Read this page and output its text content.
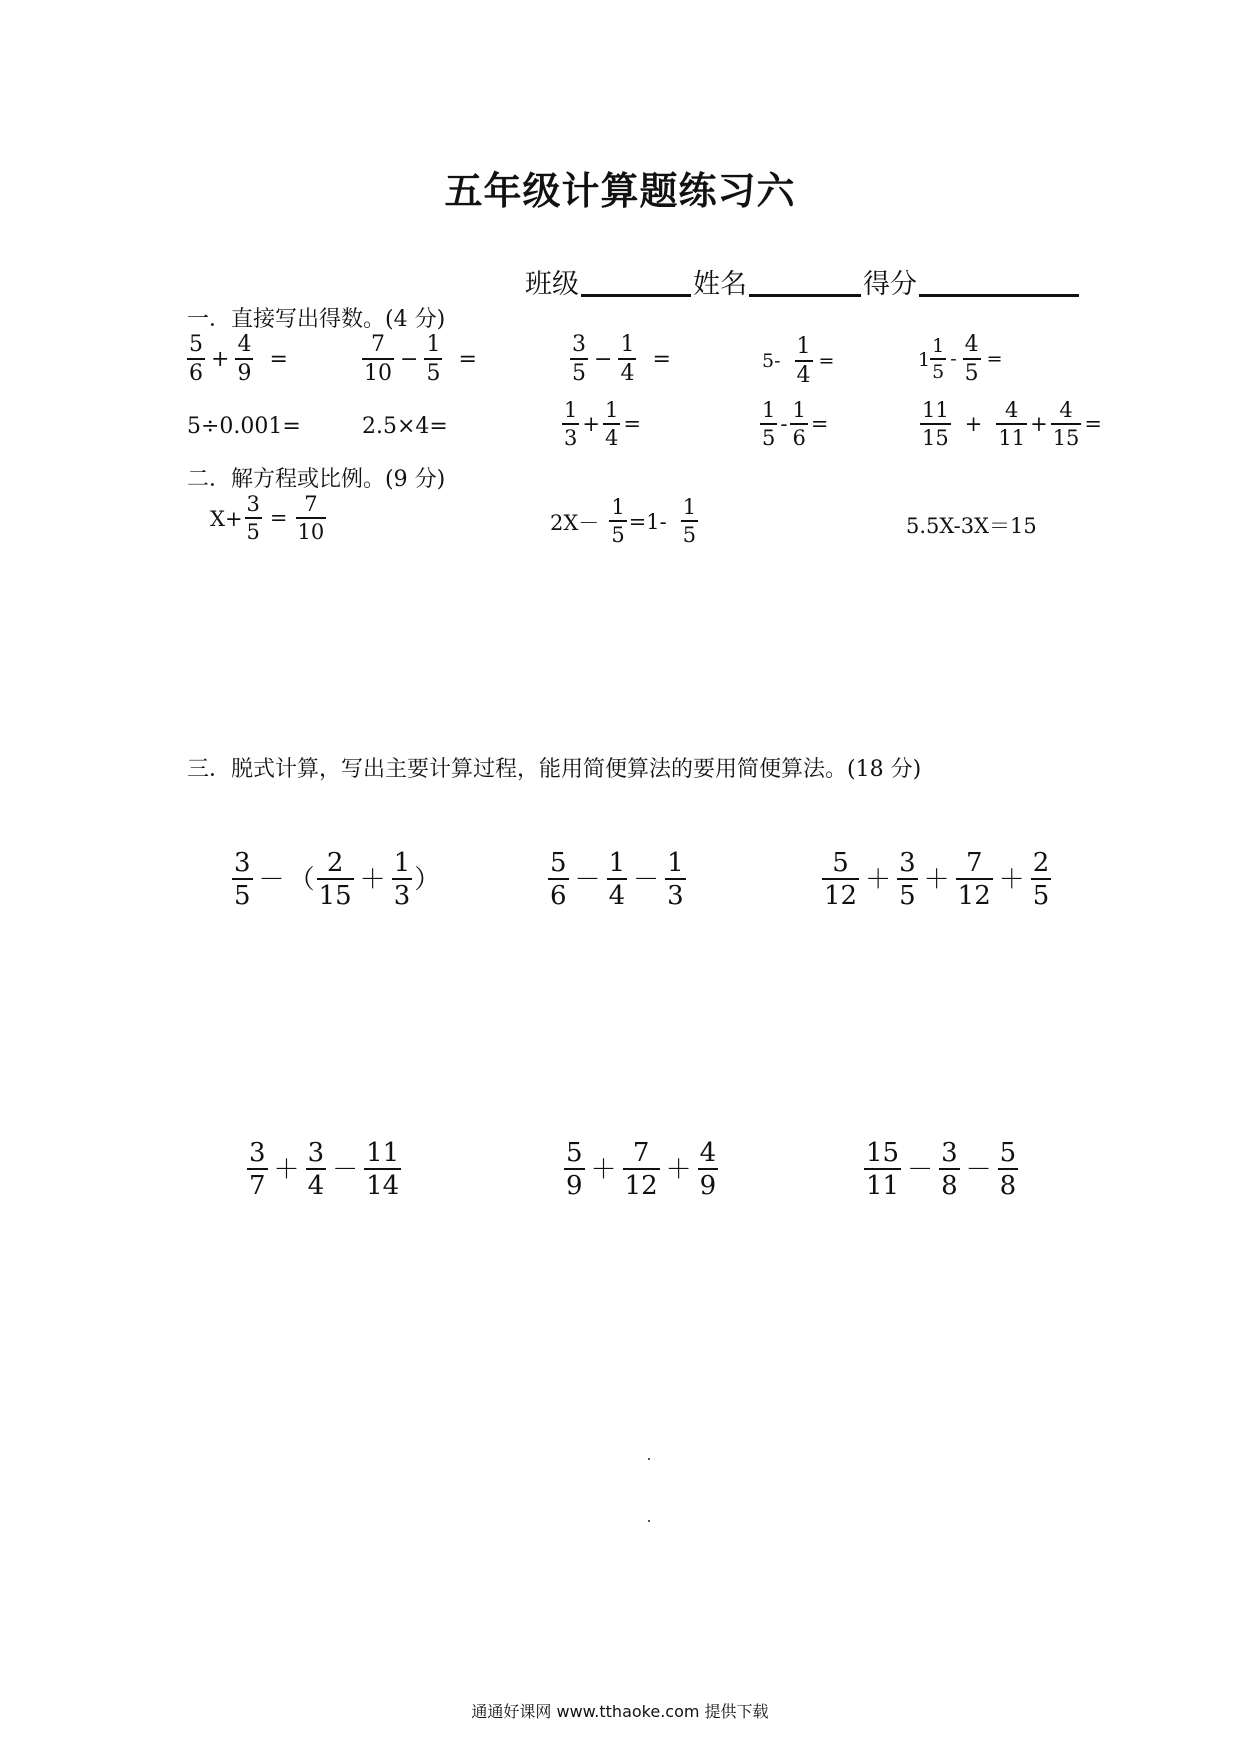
五年级计算题练习六
班级	姓名	得分
一．直接写出得数。(4 分)
$\frac{5}{6} + \frac{4}{9}$ =	$\frac{7}{10} - \frac{1}{5}$ =	$\frac{3}{5} - \frac{1}{4}$ =	$5- \frac{1}{4}$ =	$1 \frac{1}{5} - \frac{4}{5}$ =
5÷0.001=	2.5×4=	$\frac{1}{3} + \frac{1}{4}$ =	$\frac{1}{5} - \frac{1}{6}$ =	$\frac{11}{15} + \frac{4}{11} + \frac{4}{15}$ =
二．解方程或比例。(9 分)
$X+ \frac{3}{5} = \frac{7}{10}$	$2X- \frac{1}{5} =1- \frac{1}{5}$	5.5X-3X＝15
三．脱式计算，写出主要计算过程，能用简便算法的要用简便算法。(18 分)
$\frac{3}{5}$ － （ $\frac{2}{15} + \frac{1}{3}$ ）	$\frac{5}{6} - \frac{1}{4} - \frac{1}{3}$	$\frac{5}{12} + \frac{3}{5} + \frac{7}{12} + \frac{2}{5}$
$\frac{3}{7} + \frac{3}{4} - \frac{11}{14}$	$\frac{5}{9} + \frac{7}{12} + \frac{4}{9}$	$\frac{15}{11} - \frac{3}{8} - \frac{5}{8}$
通通好课网 www.tthaoke.com 提供下载
